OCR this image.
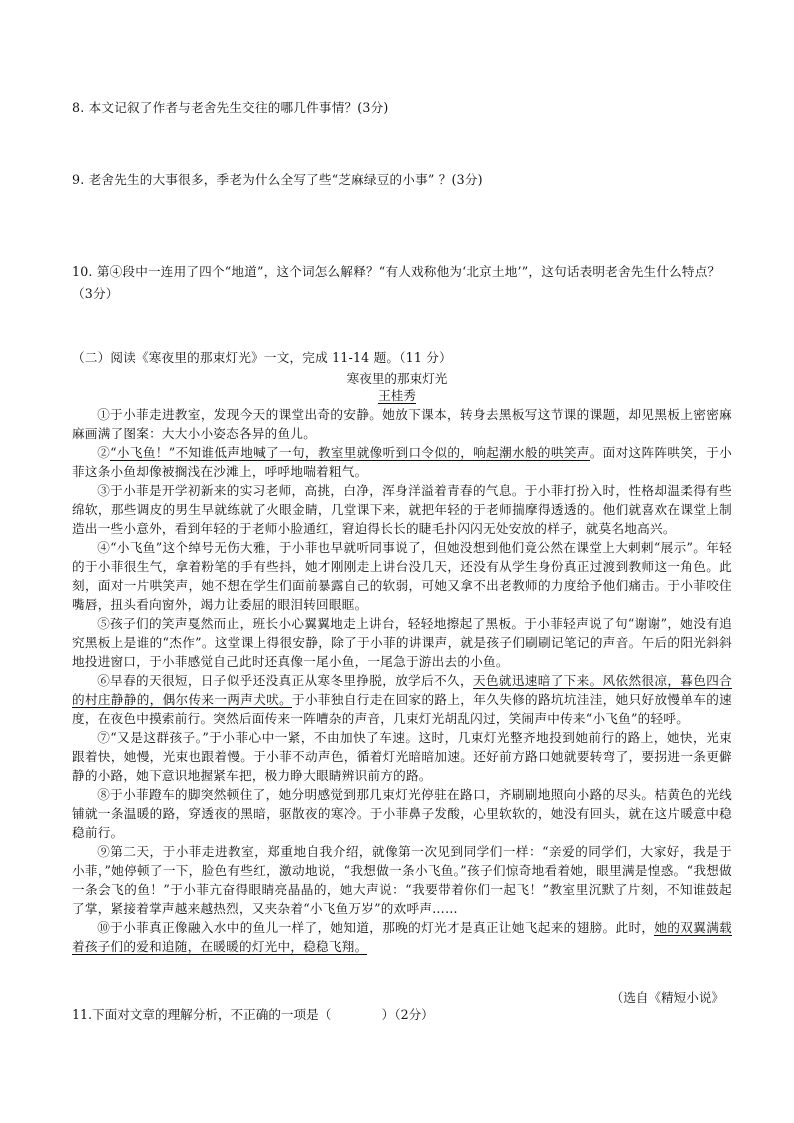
8. 本文记叙了作者与老舍先生交往的哪几件事情？(3分)
9. 老舍先生的大事很多，季老为什么全写了些“芝麻绿豆的小事” ？(3分)
10. 第④段中一连用了四个“地道”，这个词怎么解释？“有人戏称他为‘北京土地’”，这句话表明老舍先生什么特点？（3分）
（二）阅读《寒夜里的那束灯光》一文，完成 11-14 题。（11 分）
寒夜里的那束灯光
王桂秀

①于小菲走进教室，发现今天的课堂出奇的安静。她放下课本，转身去黑板写这节课的课题，却见黑板上密密麻麻画满了图案：大大小小姿态各异的鱼儿。

②“小飞鱼！”不知谁低声地喊了一句，教室里就像听到口令似的，响起潮水般的哄笑声。面对这阵阵哄笑，于小菲这条小鱼却像被搁浅在沙滩上，呼呼地喘着粗气。

③于小菲是开学初新来的实习老师，高挑，白净，浑身洋溢着青春的气息。于小菲打扮入时，性格却温柔得有些绵软，那些调皮的男生早就练就了火眼金睛，几堂课下来，就把年轻的于老师揣摩得透透的。他们就喜欢在课堂上制造出一些小意外，看到年轻的于老师小脸通红，窘迫得长长的睫毛扑闪闪无处安放的样子，就莫名地高兴。

④“小飞鱼”这个绰号无伤大雅，于小菲也早就听同事说了，但她没想到他们竟公然在课堂上大剌剌“展示”。年轻的于小菲很生气，拿着粉笔的手有些抖，她才刚刚走上讲台没几天，还没有从学生身份真正过渡到教师这一角色。此刻，面对一片哄笑声，她不想在学生们面前暴露自己的软弱，可她又拿不出老教师的力度给予他们痛击。于小菲咬住嘴唇，扭头看向窗外，竭力让委屈的眼泪转回眼眶。

⑤孩子们的笑声戛然而止，班长小心翼翼地走上讲台，轻轻地擦起了黑板。于小菲轻声说了句“谢谢”，她没有追究黑板上是谁的“杰作”。这堂课上得很安静，除了于小菲的讲课声，就是孩子们刷刷记笔记的声音。午后的阳光斜斜地投进窗口，于小菲感觉自己此时还真像一尾小鱼，一尾急于游出去的小鱼。

⑥早春的天很短，日子似乎还没真正从寒冬里挣脱，放学后不久，天色就迅速暗了下来。风依然很凉，暮色四合的村庄静静的，偶尔传来一两声犬吠。于小菲独自行走在回家的路上，年久失修的路坑坑洼洼，她只好放慢单车的速度，在夜色中摸索前行。突然后面传来一阵嘈杂的声音，几束灯光胡乱闪过，笑闹声中传来“小飞鱼”的轻呼。

⑦“又是这群孩子。”于小菲心中一紧，不由加快了车速。这时，几束灯光整齐地投到她前行的路上，她快，光束跟着快，她慢，光束也跟着慢。于小菲不动声色，循着灯光暗暗加速。还好前方路口她就要转弯了，要拐进一条更僻静的小路，她下意识地握紧车把，极力睁大眼睛辨识前方的路。

⑧于小菲蹬车的脚突然顿住了，她分明感觉到那几束灯光停驻在路口，齐刷刷地照向小路的尽头。桔黄色的光线铺就一条温暖的路，穿透夜的黑暗，驱散夜的寒冷。于小菲鼻子发酸，心里软软的，她没有回头，就在这片暖意中稳稳前行。

⑨第二天，于小菲走进教室，郑重地自我介绍，就像第一次见到同学们一样：“亲爱的同学们，大家好，我是于小菲，”她停顿了一下，脸色有些红，激动地说，“我想做一条小飞鱼。”孩子们惊奇地看着她，眼里满是惶惑。“我想做一条会飞的鱼！”于小菲亢奋得眼睛亮晶晶的，她大声说：“我要带着你们一起飞！”教室里沉默了片刻，不知谁鼓起了掌，紧接着掌声越来越热烈，又夹杂着“小飞鱼万岁”的欢呼声……

⑩于小菲真正像融入水中的鱼儿一样了，她知道，那晚的灯光才是真正让她飞起来的翅膀。此时，她的双翼满载着孩子们的爱和追随，在暖暖的灯光中，稳稳飞翔。

（选自《精短小说》
11.下面对文章的理解分析，不正确的一项是（　　　　）（2分）
